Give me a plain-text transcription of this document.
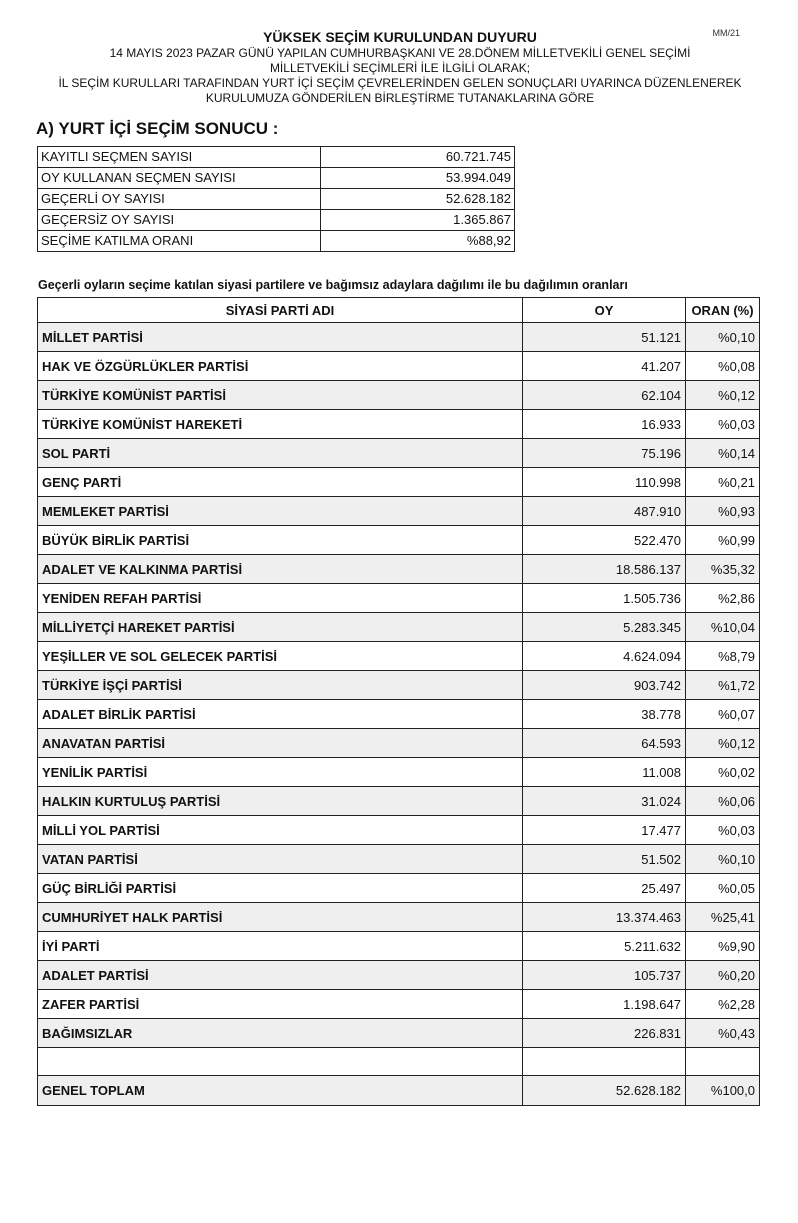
MM/21
YÜKSEK SEÇİM KURULUNDAN DUYURU
14 MAYIS 2023 PAZAR GÜNÜ YAPILAN CUMHURBAŞKANI VE 28.DÖNEM MİLLETVEKİLİ GENEL SEÇİMİ
MİLLETVEKİLİ SEÇİMLERİ İLE İLGİLİ OLARAK;
İL SEÇİM KURULLARI TARAFINDAN YURT İÇİ SEÇİM ÇEVRELERİNDEN GELEN SONUÇLARI UYARINCA DÜZENLENEREK
KURULUMUZA GÖNDERİLEN BİRLEŞTİRME TUTANAKLARINA GÖRE
A) YURT İÇİ SEÇİM SONUCU :
KAYITLI SEÇMEN SAYISI	60.721.745
OY KULLANAN SEÇMEN SAYISI	53.994.049
GEÇERLİ OY SAYISI	52.628.182
GEÇERSİZ OY SAYISI	1.365.867
SEÇİME KATILMA ORANI	%88,92
Geçerli oyların seçime katılan siyasi partilere ve bağımsız adaylara dağılımı ile bu dağılımın oranları
SİYASİ PARTİ ADI	OY	ORAN (%)
MİLLET PARTİSİ	51.121	%0,10
HAK VE ÖZGÜRLÜKLER PARTİSİ	41.207	%0,08
TÜRKİYE KOMÜNİST PARTİSİ	62.104	%0,12
TÜRKİYE KOMÜNİST HAREKETİ	16.933	%0,03
SOL PARTİ	75.196	%0,14
GENÇ PARTİ	110.998	%0,21
MEMLEKET PARTİSİ	487.910	%0,93
BÜYÜK BİRLİK PARTİSİ	522.470	%0,99
ADALET VE KALKINMA PARTİSİ	18.586.137	%35,32
YENİDEN REFAH PARTİSİ	1.505.736	%2,86
MİLLİYETÇİ HAREKET PARTİSİ	5.283.345	%10,04
YEŞİLLER VE SOL GELECEK PARTİSİ	4.624.094	%8,79
TÜRKİYE İŞÇİ PARTİSİ	903.742	%1,72
ADALET BİRLİK PARTİSİ	38.778	%0,07
ANAVATAN PARTİSİ	64.593	%0,12
YENİLİK PARTİSİ	11.008	%0,02
HALKIN KURTULUŞ PARTİSİ	31.024	%0,06
MİLLİ YOL PARTİSİ	17.477	%0,03
VATAN PARTİSİ	51.502	%0,10
GÜÇ BİRLİĞİ PARTİSİ	25.497	%0,05
CUMHURİYET HALK PARTİSİ	13.374.463	%25,41
İYİ PARTİ	5.211.632	%9,90
ADALET PARTİSİ	105.737	%0,20
ZAFER PARTİSİ	1.198.647	%2,28
BAĞIMSIZLAR	226.831	%0,43

GENEL TOPLAM	52.628.182	%100,0
